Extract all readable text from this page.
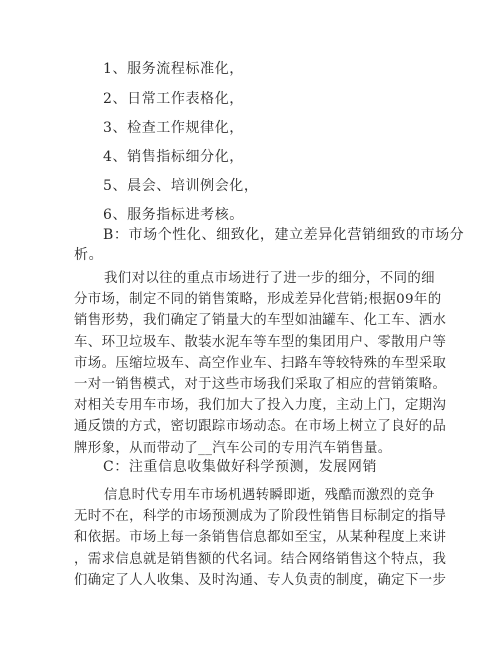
1、服务流程标准化，
2、日常工作表格化，
3、检查工作规律化，
4、销售指标细分化，
5、晨会、培训例会化，
6、服务指标进考核。
B：市场个性化、细致化，建立差异化营销细致的市场分
析。
我们对以往的重点市场进行了进一步的细分，不同的细
分市场，制定不同的销售策略，形成差异化营销;根据09年的
销售形势，我们确定了销量大的车型如油罐车、化工车、洒水
车、环卫垃圾车、散装水泥车等车型的集团用户、零散用户等
市场。压缩垃圾车、高空作业车、扫路车等较特殊的车型采取
一对一销售模式，对于这些市场我们采取了相应的营销策略。
对相关专用车市场，我们加大了投入力度，主动上门，定期沟
通反馈的方式，密切跟踪市场动态。在市场上树立了良好的品
牌形象，从而带动了__汽车公司的专用汽车销售量。
C：注重信息收集做好科学预测，发展网销
信息时代专用车市场机遇转瞬即逝，残酷而激烈的竞争
无时不在，科学的市场预测成为了阶段性销售目标制定的指导
和依据。市场上每一条销售信息都如至宝，从某种程度上来讲
，需求信息就是销售额的代名词。结合网络销售这个特点，我
们确定了人人收集、及时沟通、专人负责的制度，确定下一步
